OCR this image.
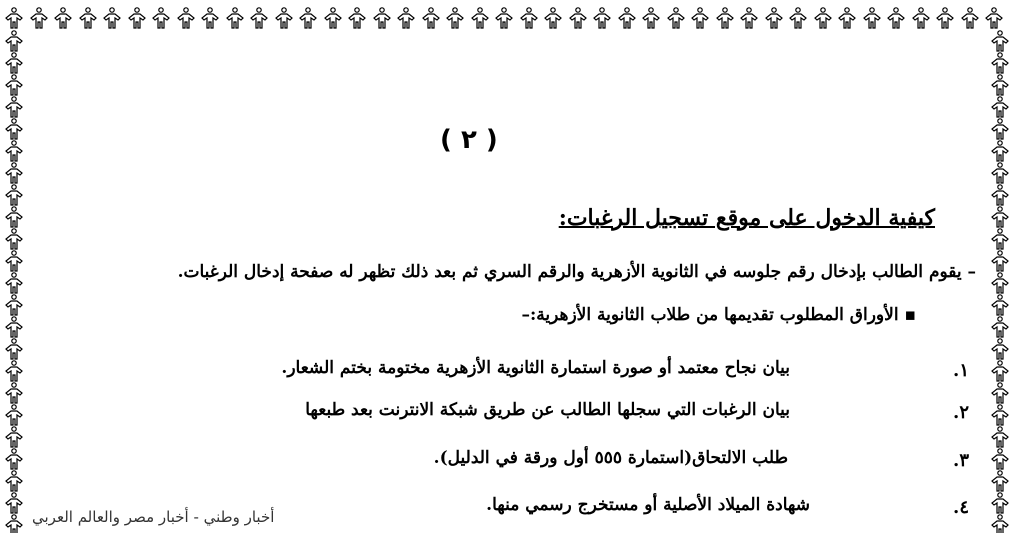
( ٢ )
كيفية الدخول على موقع تسجيل الرغبات:
– يقوم الطالب بإدخال رقم جلوسه في الثانوية الأزهرية والرقم السري ثم بعد ذلك تظهر له صفحة إدخال الرغبات.
▪ الأوراق المطلوب تقديمها من طلاب الثانوية الأزهرية:–
١.
بيان نجاح معتمد أو صورة استمارة الثانوية الأزهرية مختومة بختم الشعار.
٢.
بيان الرغبات التي سجلها الطالب عن طريق شبكة الانترنت بعد طبعها
٣.
طلب الالتحاق(استمارة ٥٥٥ أول ورقة في الدليل).
٤.
شهادة الميلاد الأصلية أو مستخرج رسمي منها.
أخبار وطني - أخبار مصر والعالم العربي
